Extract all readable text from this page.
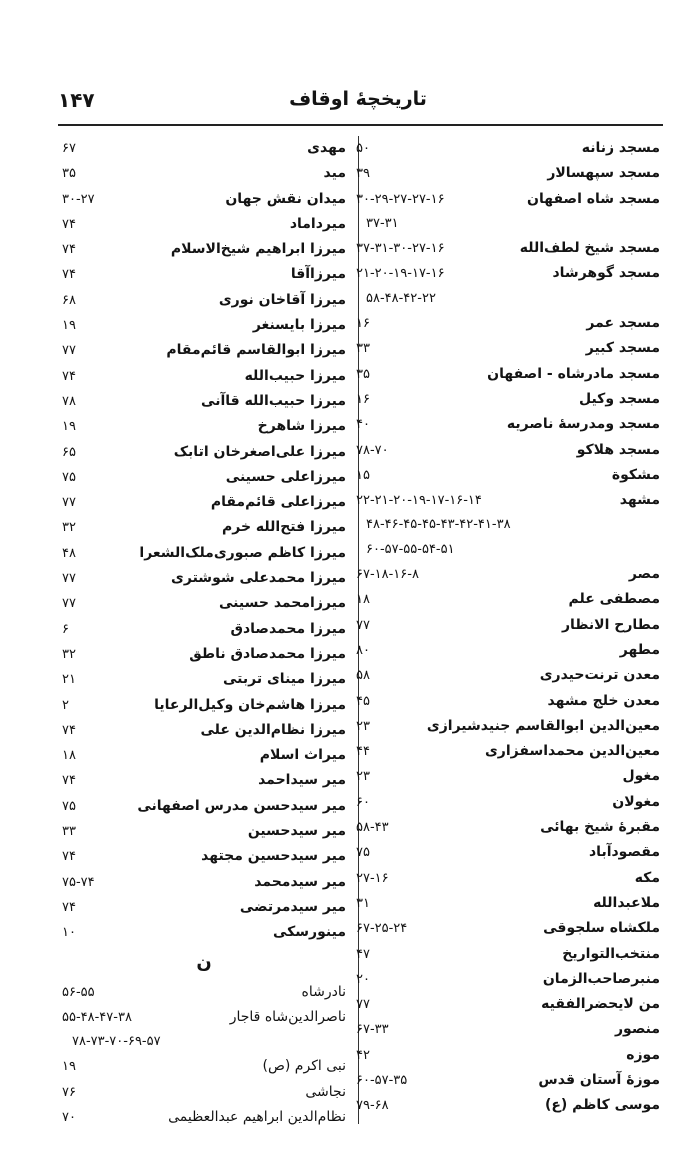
تاریخچهٔ اوقاف
۱۴۷
مسجد زنانه
۵۰
مسجد سپهسالار
۳۹
مسجد شاه اصفهان
۳۰-۲۹-۲۷-۲۷-۱۶
۳۷-۳۱
مسجد شیخ لطف‌الله
۳۷-۳۱-۳۰-۲۷-۱۶
مسجد گوهرشاد
۲۱-۲۰-۱۹-۱۷-۱۶
۵۸-۴۸-۴۲-۲۲
مسجد عمر
۱۶
مسجد کبیر
۳۳
مسجد مادرشاه - اصفهان
۳۵
مسجد وکیل
۱۶
مسجد ومدرسهٔ ناصریه
۴۰
مسجد هلاکو
۷۸-۷۰
مشکوة
۱۵
مشهد
۲۲-۲۱-۲۰-۱۹-۱۷-۱۶-۱۴
۴۸-۴۶-۴۵-۴۵-۴۳-۴۲-۴۱-۳۸
۶۰-۵۷-۵۵-۵۴-۵۱
مصر
۶۷-۱۸-۱۶-۸
مصطفی علم
۱۸
مطارح الانظار
۷۷
مطهر
۸۰
معدن ترنت‌حیدری
۵۸
معدن خلج مشهد
۴۵
معین‌الدین ابوالقاسم جنیدشیرازی
۲۳
معین‌الدین محمداسفزاری
۴۴
مغول
۲۳
مغولان
۶۰
مقبرهٔ شیخ بهائی
۵۸-۴۳
مقصودآباد
۷۵
مکه
۲۷-۱۶
ملاعبدالله
۳۱
ملکشاه سلجوقی
۶۷-۲۵-۲۴
منتخب‌التواریخ
۴۷
منبرصاحب‌الزمان
۲۰
من لایحضرالفقیه
۷۷
منصور
۶۷-۳۳
موزه
۴۲
موزهٔ آستان قدس
۶۰-۵۷-۳۵
موسی کاظم (ع)
۷۹-۶۸
مهدی
۶۷
مید
۳۵
میدان نقش جهان
۳۰-۲۷
میرداماد
۷۴
میرزا ابراهیم شیخ‌الاسلام
۷۴
میرزاآقا
۷۴
میرزا آقاخان نوری
۶۸
میرزا بایسنغر
۱۹
میرزا ابوالقاسم قائم‌مقام
۷۷
میرزا حبیب‌الله
۷۴
میرزا حبیب‌الله قاآنی
۷۸
میرزا شاهرخ
۱۹
میرزا علی‌اصغرخان اتابک
۶۵
میرزاعلی حسینی
۷۵
میرزاعلی قائم‌مقام
۷۷
میرزا فتح‌الله خرم
۳۲
میرزا کاظم صبوری‌ملک‌الشعرا
۴۸
میرزا محمدعلی شوشتری
۷۷
میرزامحمد حسینی
۷۷
میرزا محمدصادق
۶
میرزا محمدصادق ناطق
۳۲
میرزا مینای تربتی
۲۱
میرزا هاشم‌خان وکیل‌الرعایا
۲
میرزا نظام‌الدین علی
۷۴
میراث اسلام
۱۸
میر سیداحمد
۷۴
میر سیدحسن مدرس اصفهانی
۷۵
میر سیدحسین
۳۳
میر سیدحسین مجتهد
۷۴
میر سیدمحمد
۷۵-۷۴
میر سیدمرتضی
۷۴
مینورسکی
۱۰
ن
نادرشاه
۵۶-۵۵
ناصرالدین‌شاه قاجار
۵۵-۴۸-۴۷-۳۸
۷۸-۷۳-۷۰-۶۹-۵۷
نبی اکرم (ص)
۱۹
نجاشی
۷۶
نظام‌الدین ابراهیم عبدالعظیمی
۷۰
